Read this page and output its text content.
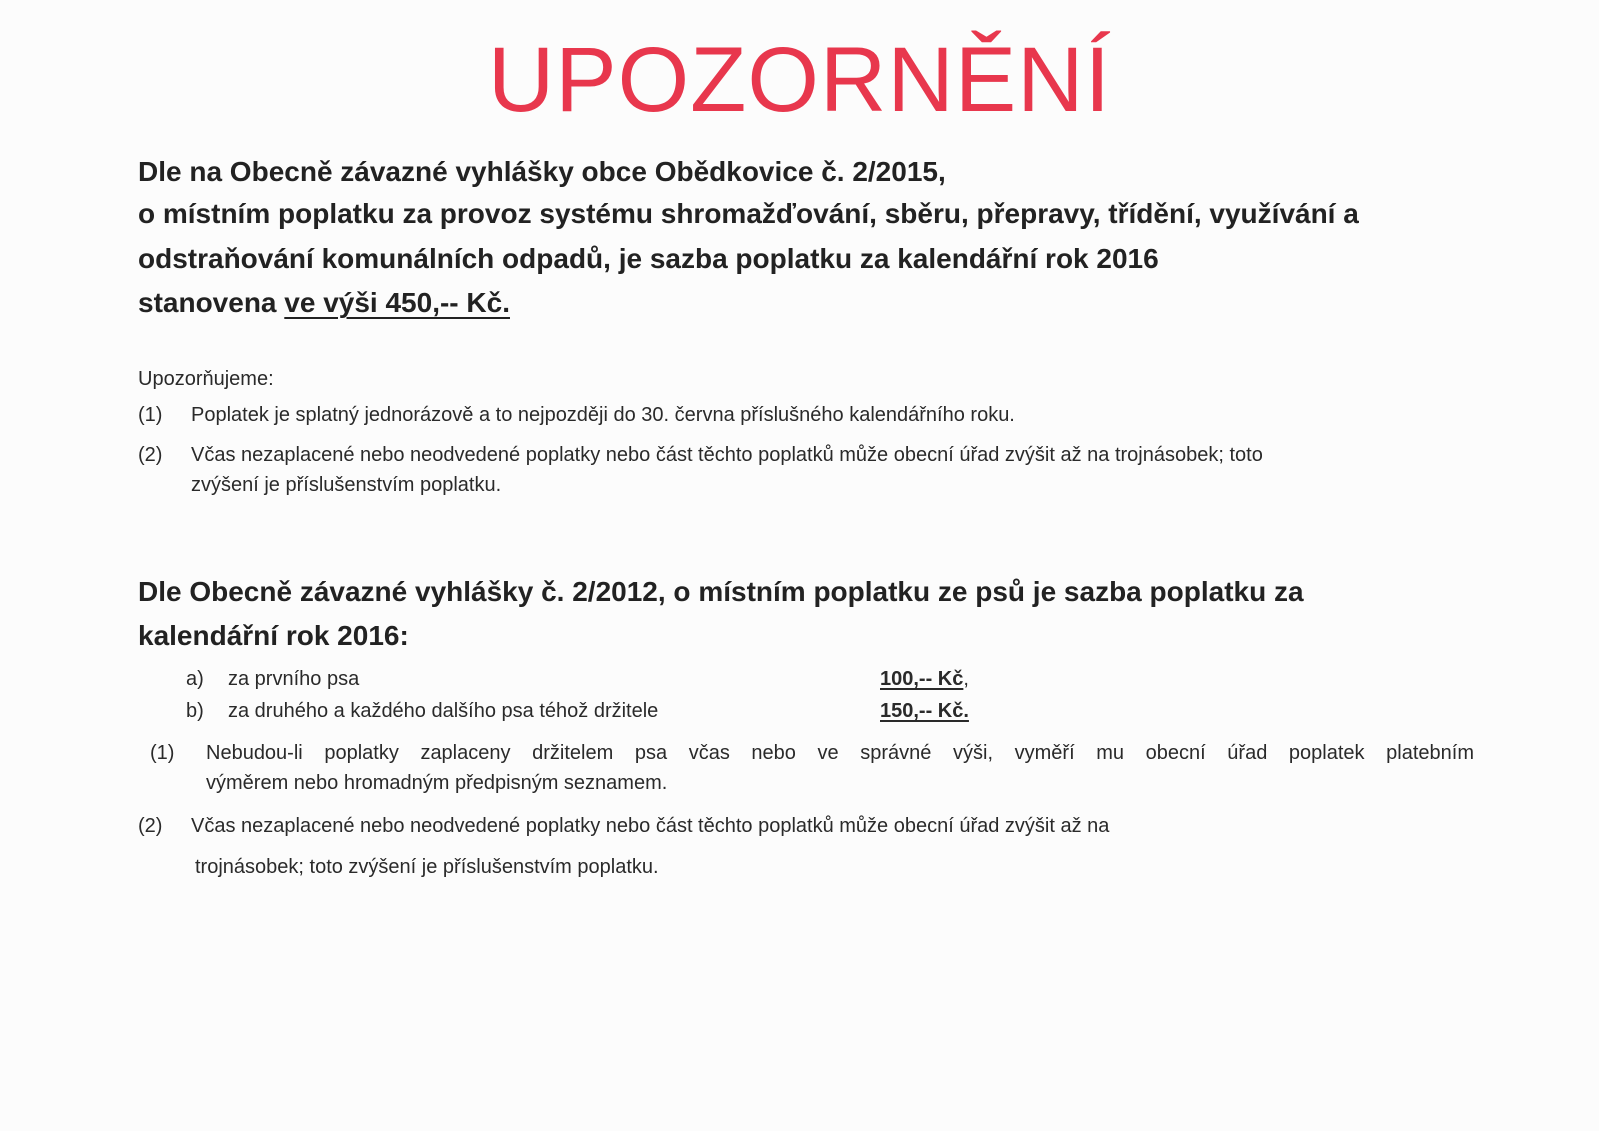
UPOZORNĚNÍ
Dle na Obecně závazné vyhlášky obce Obědkovice č. 2/2015,
o místním poplatku za provoz systému shromažďování, sběru, přepravy, třídění, využívání a
odstraňování komunálních odpadů, je sazba poplatku za kalendářní rok 2016
stanovena ve výši 450,-- Kč.
Upozorňujeme:
(1) Poplatek je splatný jednorázově a to nejpozději do 30. června příslušného kalendářního roku.
(2) Včas nezaplacené nebo neodvedené poplatky nebo část těchto poplatků může obecní úřad zvýšit až na trojnásobek; toto
zvýšení je příslušenstvím poplatku.
Dle Obecně závazné vyhlášky č. 2/2012, o místním poplatku ze psů je sazba poplatku za
kalendářní rok 2016:
a) za prvního psa	100,-- Kč,
b) za druhého a každého dalšího psa téhož držitele	150,-- Kč.
(1) Nebudou-li poplatky zaplaceny držitelem psa včas nebo ve správné výši, vyměří mu obecní úřad poplatek platebním
výměrem nebo hromadným předpisným seznamem.
(2) Včas nezaplacené nebo neodvedené poplatky nebo část těchto poplatků může obecní úřad zvýšit až na
trojnásobek; toto zvýšení je příslušenstvím poplatku.
